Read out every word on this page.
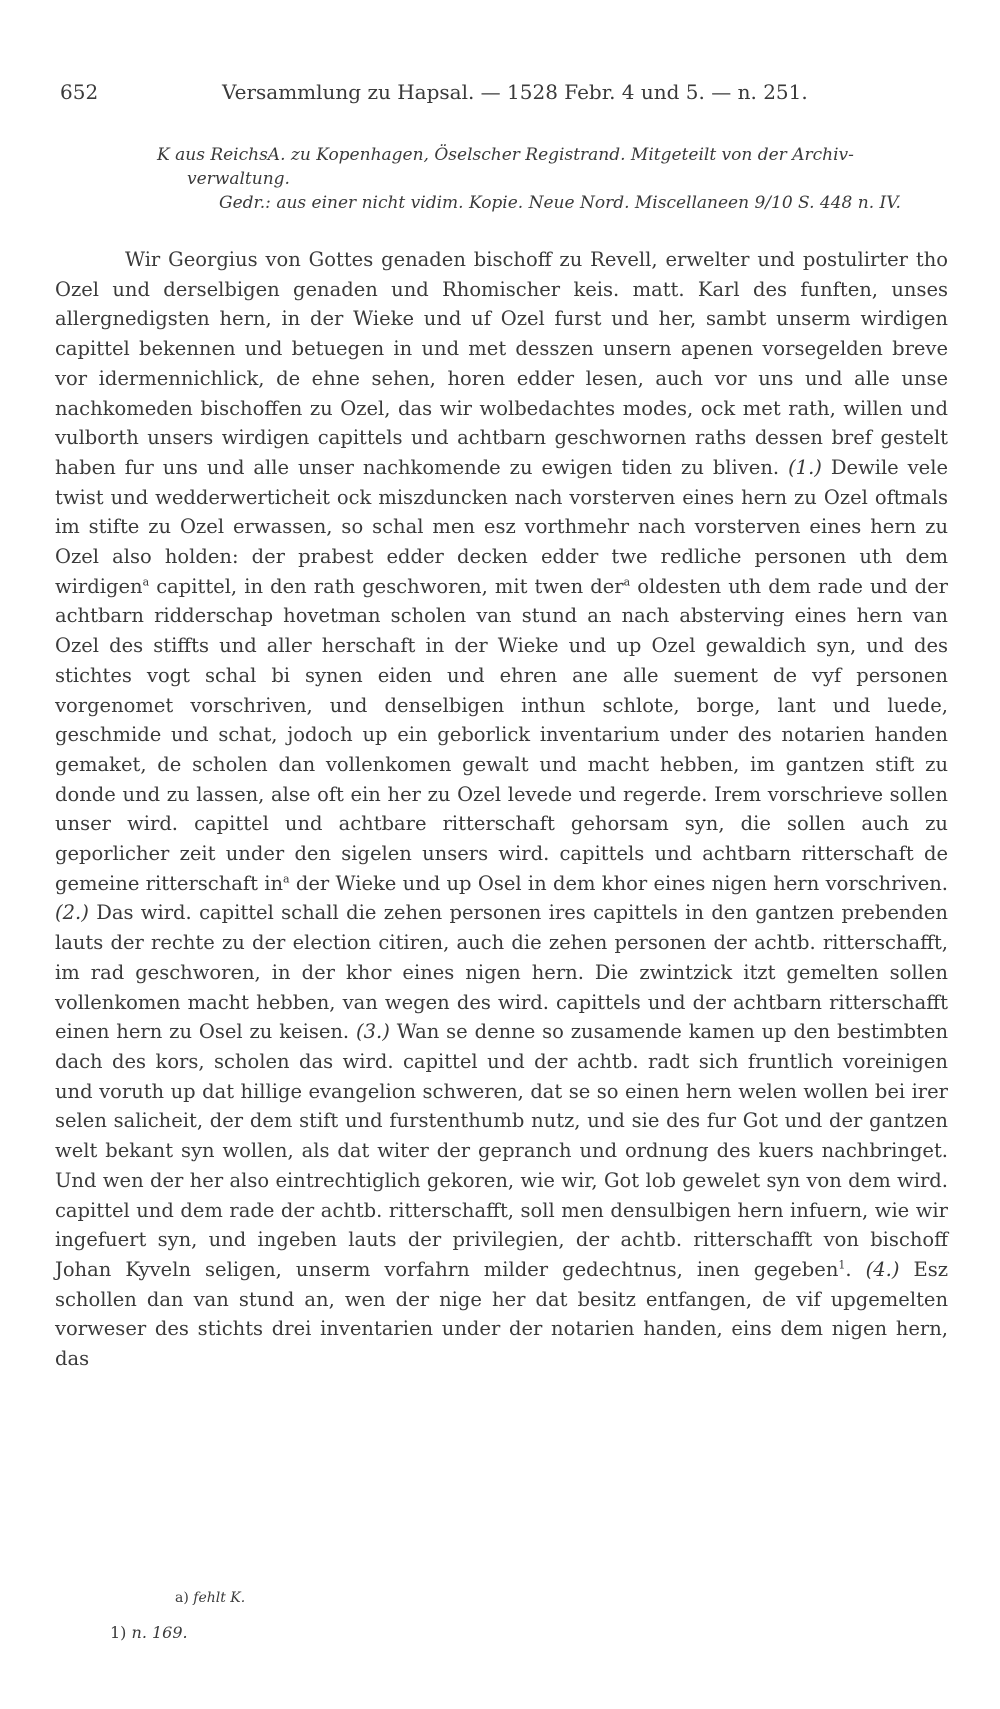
652	Versammlung zu Hapsal. — 1528 Febr. 4 und 5. — n. 251.

K aus ReichsA. zu Kopenhagen, Öselscher Registrand. Mitgeteilt von der Archiv-

verwaltung.

Gedr.: aus einer nicht vidim. Kopie. Neue Nord. Miscellaneen 9/10 S. 448 n. IV.

Wir Georgius von Gottes genaden bischoff zu Revell, erwelter und postulirter tho Ozel und derselbigen genaden und Rhomischer keis. matt. Karl des funften, unses allergnedigsten hern, in der Wieke und uf Ozel furst und her, sambt unserm wirdigen capittel bekennen und betuegen in und met desszen unsern apenen vorsegelden breve vor idermennichlick, de ehne sehen, horen edder lesen, auch vor uns und alle unse nachkomeden bischoffen zu Ozel, das wir wolbedachtes modes, ock met rath, willen und vulborth unsers wirdigen capittels und achtbarn geschwornen raths dessen bref gestelt haben fur uns und alle unser nachkomende zu ewigen tiden zu bliven. (1.) Dewile vele twist und wedderwerticheit ock miszduncken nach vorsterven eines hern zu Ozel oftmals im stifte zu Ozel erwassen, so schal men esz vorthmehr nach vorsterven eines hern zu Ozel also holden: der prabest edder decken edder twe redliche personen uth dem wirdigen$^a$ capittel, in den rath geschworen, mit twen der$^a$ oldesten uth dem rade und der achtbarn ridderschap hovetman scholen van stund an nach absterving eines hern van Ozel des stiffts und aller herschaft in der Wieke und up Ozel gewaldich syn, und des stichtes vogt schal bi synen eiden und ehren ane alle suement de vyf personen vorgenomet vorschriven, und denselbigen inthun schlote, borge, lant und luede, geschmide und schat, jodoch up ein geborlick inventarium under des notarien handen gemaket, de scholen dan vollenkomen gewalt und macht hebben, im gantzen stift zu donde und zu lassen, alse oft ein her zu Ozel levede und regerde. Irem vorschrieve sollen unser wird. capittel und achtbare ritterschaft gehorsam syn, die sollen auch zu geporlicher zeit under den sigelen unsers wird. capittels und achtbarn ritterschaft de gemeine ritterschaft $in^a$ der Wieke und up Osel in dem khor eines nigen hern vorschriven. (2.) Das wird. capittel schall die zehen personen ires capittels in den gantzen prebenden lauts der rechte zu der election citiren, auch die zehen personen der achtb. ritterschafft, im rad geschworen, in der khor eines nigen hern. Die zwintzick itzt gemelten sollen vollenkomen macht hebben, van wegen des wird. capittels und der achtbarn ritterschafft einen hern zu Osel zu keisen. (3.) Wan se denne so zusamende kamen up den bestimbten dach des kors, scholen das wird. capittel und der achtb. radt sich fruntlich voreinigen und voruth up dat hillige evangelion schweren, dat se so einen hern welen wollen bei irer selen salicheit, der dem stift und furstenthumb nutz, und sie des fur Got und der gantzen welt bekant syn wollen, als dat witer der gepranch und ordnung des kuers nachbringet. Und wen der her also eintrechtiglich gekoren, wie wir, Got lob gewelet syn von dem wird. capittel und dem rade der achtb. ritterschafft, soll men densulbigen hern infuern, wie wir ingefuert syn, und ingeben lauts der privilegien, der achtb. ritterschafft von bischoff Johan Kyveln seligen, unserm vorfahrn milder gedechtnus, inen gegeben$^1$. (4.) Esz schollen dan van stund an, wen der nige her dat besitz entfangen, de vif upgemelten vorweser des stichts drei inventarien under der notarien handen, eins dem nigen hern, das

a) fehlt K.
1) n. 169.
